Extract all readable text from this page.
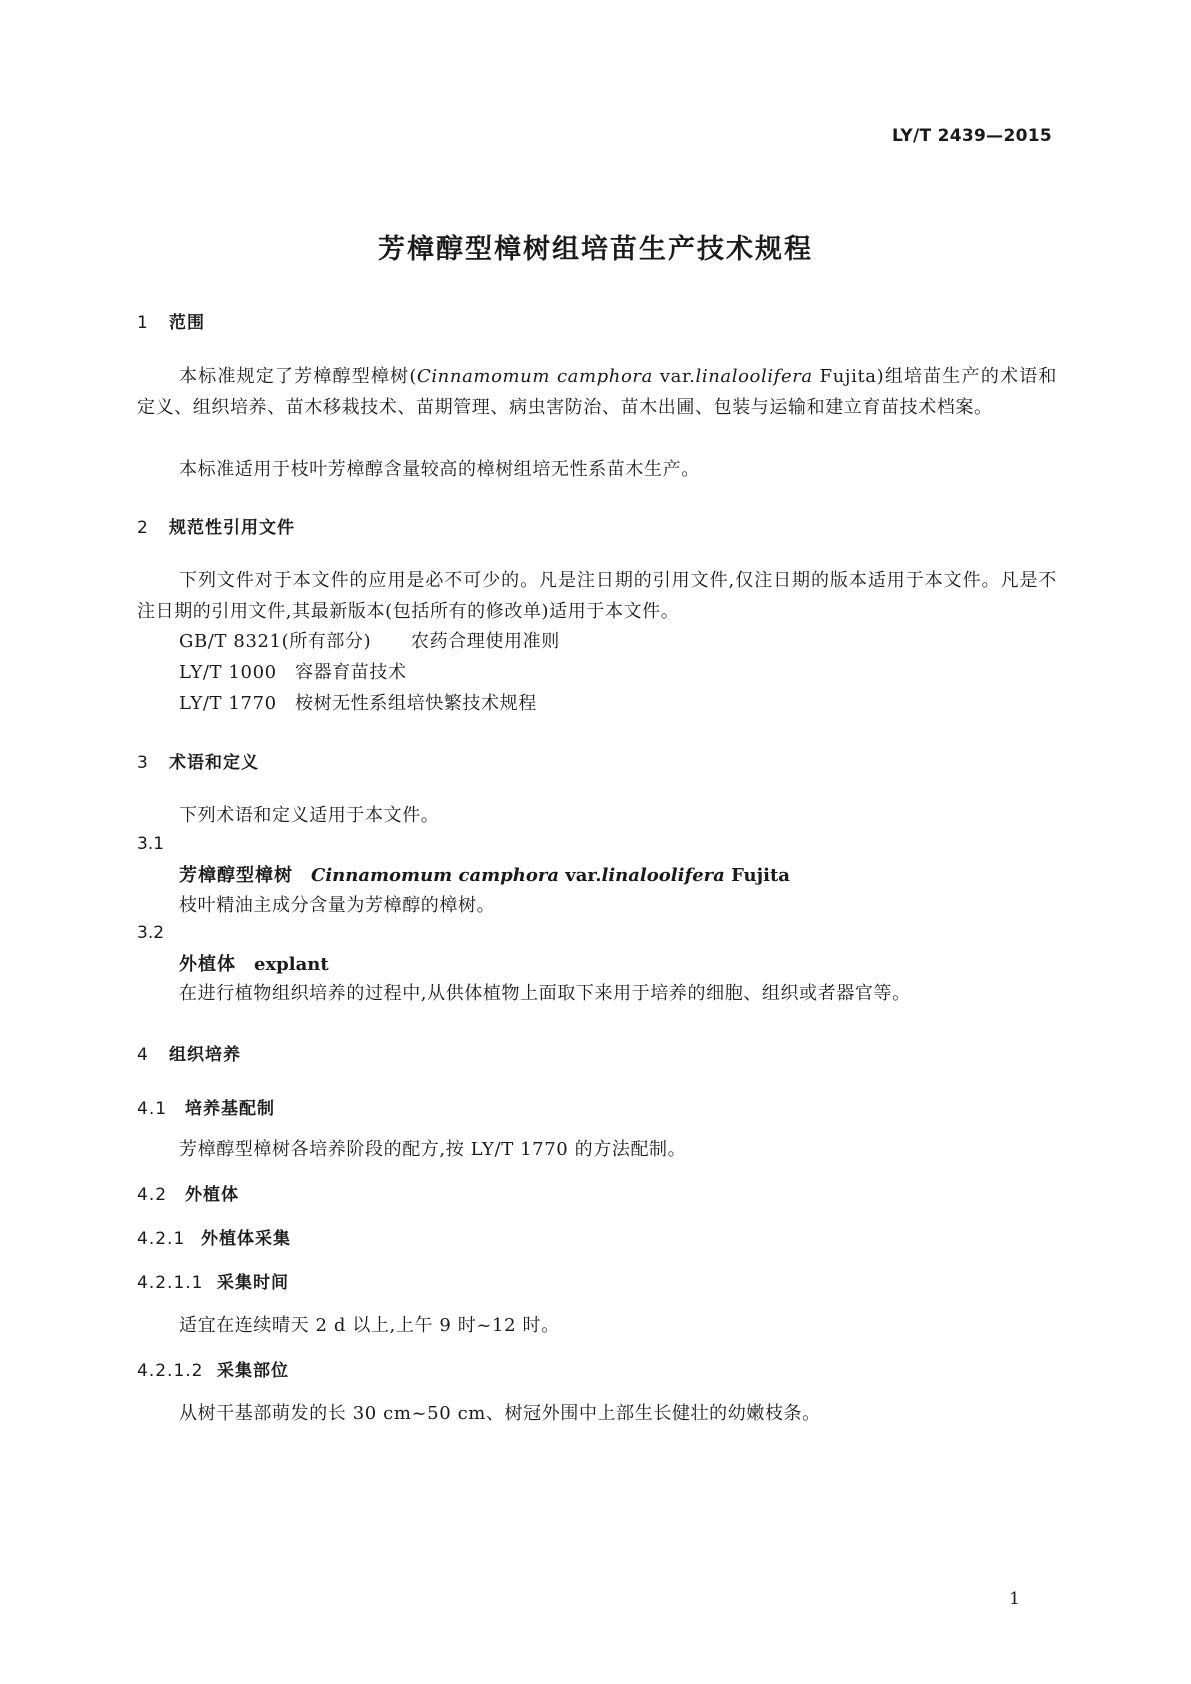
LY/T 2439—2015
芳樟醇型樟树组培苗生产技术规程
1 范围
本标准规定了芳樟醇型樟树(Cinnamomum camphora var.linaloolifera Fujita)组培苗生产的术语和定义、组织培养、苗木移栽技术、苗期管理、病虫害防治、苗木出圃、包装与运输和建立育苗技术档案。
本标准适用于枝叶芳樟醇含量较高的樟树组培无性系苗木生产。
2 规范性引用文件
下列文件对于本文件的应用是必不可少的。凡是注日期的引用文件,仅注日期的版本适用于本文件。凡是不注日期的引用文件,其最新版本(包括所有的修改单)适用于本文件。
GB/T 8321(所有部分) 农药合理使用准则
LY/T 1000 容器育苗技术
LY/T 1770 桉树无性系组培快繁技术规程
3 术语和定义
下列术语和定义适用于本文件。
3.1
芳樟醇型樟树 Cinnamomum camphora var.linaloolifera Fujita
枝叶精油主成分含量为芳樟醇的樟树。
3.2
外植体 explant
在进行植物组织培养的过程中,从供体植物上面取下来用于培养的细胞、组织或者器官等。
4 组织培养
4.1 培养基配制
芳樟醇型樟树各培养阶段的配方,按 LY/T 1770 的方法配制。
4.2 外植体
4.2.1 外植体采集
4.2.1.1 采集时间
适宜在连续晴天 2 d 以上,上午 9 时~12 时。
4.2.1.2 采集部位
从树干基部萌发的长 30 cm~50 cm、树冠外围中上部生长健壮的幼嫩枝条。
1
